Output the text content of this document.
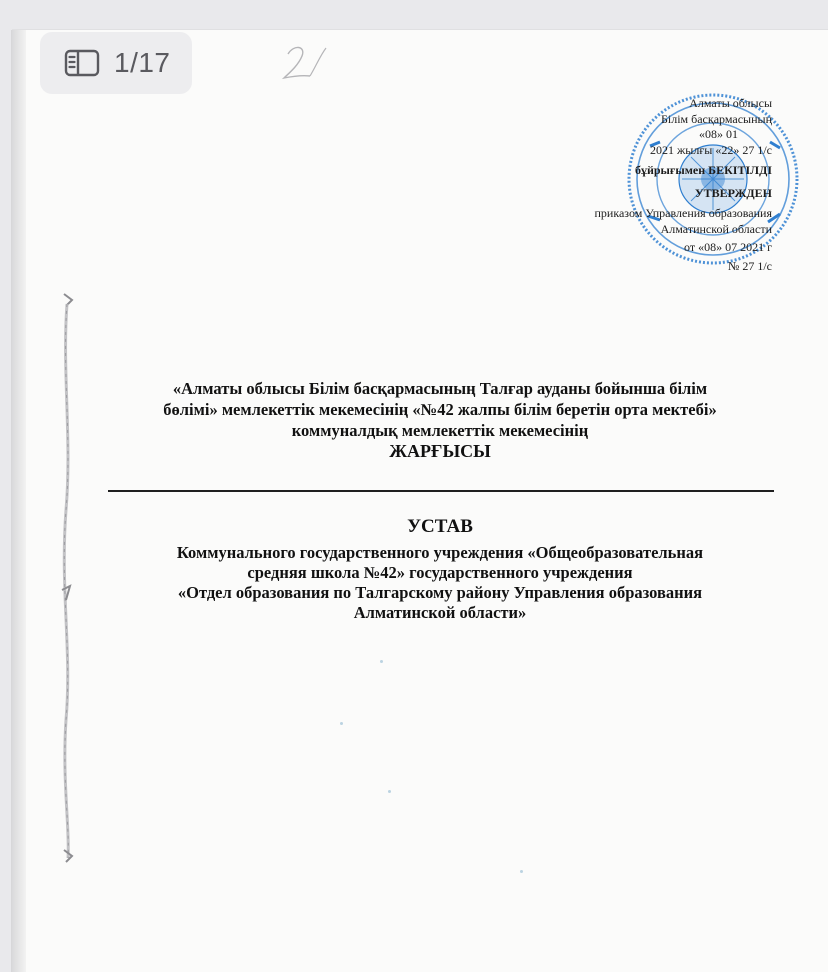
1/17
Алматы облысы
Білім басқармасының
«08» 01
2021 жылғы «22» 27 1/с
бұйрығымен БЕКІТІЛДІ
УТВЕРЖДЕН
приказом Управления образования
Алматинской области
от «08» 07 2021 г
№ 27 1/с
«Алматы облысы Білім басқармасының Талғар ауданы бойынша білім
бөлімі» мемлекеттік мекемесінің «№42 жалпы білім беретін орта мектебі»
коммуналдық мемлекеттік мекемесінің
ЖАРҒЫСЫ
УСТАВ
Коммунального государственного учреждения «Общеобразовательная
средняя школа №42» государственного учреждения
«Отдел образования по Талгарскому району Управления образования
Алматинской области»
